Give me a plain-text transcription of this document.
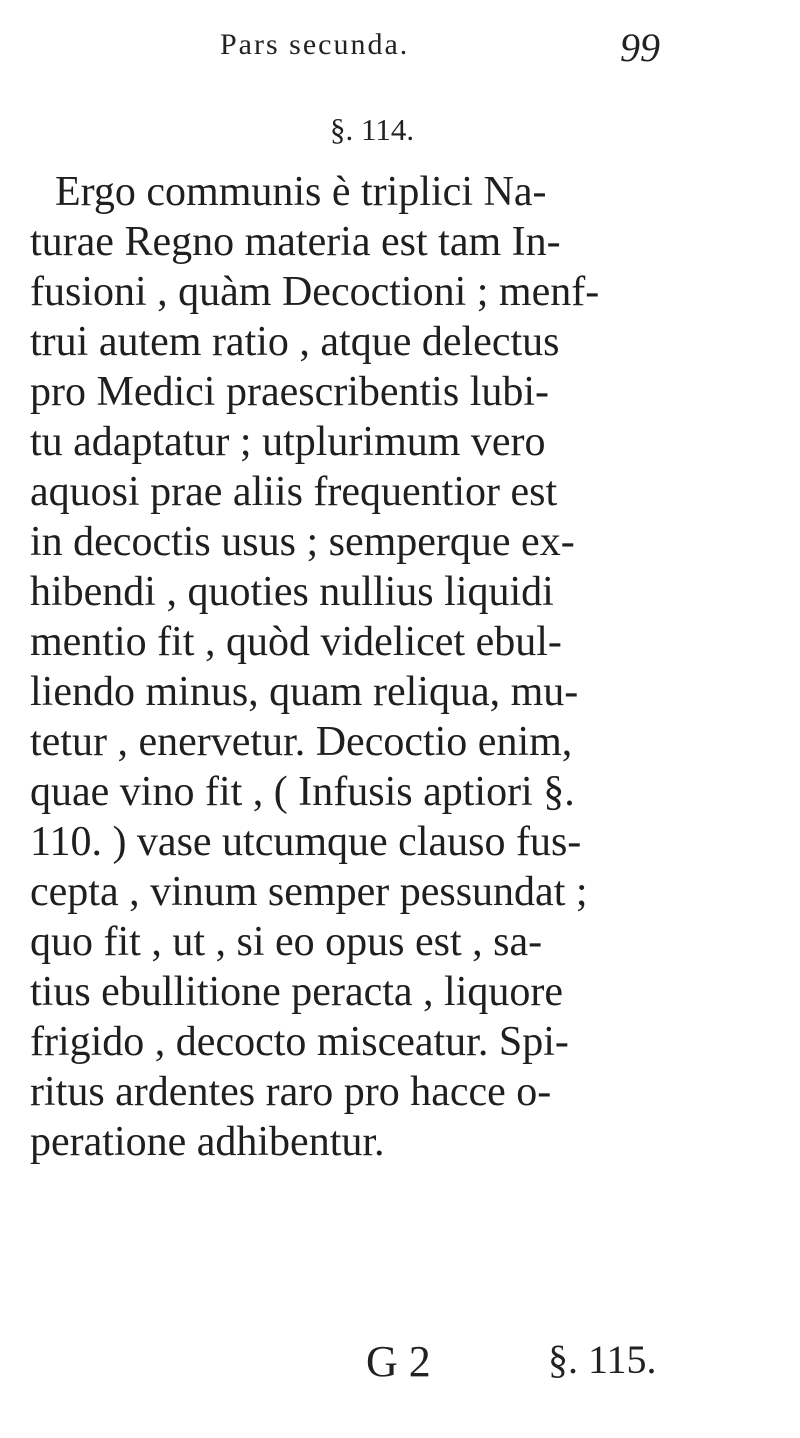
Pars secunda.	99
§. 114.
Ergo communis è triplici Na-
turae Regno materia est tam In-
fusioni , quàm Decoctioni ; menf-
trui autem ratio , atque delectus
pro Medici praescribentis lubi-
tu adaptatur ; utplurimum vero
aquosi prae aliis frequentior est
in decoctis usus ; semperque ex-
hibendi , quoties nullius liquidi
mentio fit , quòd videlicet ebul-
liendo minus, quam reliqua, mu-
tetur , enervetur. Decoctio enim,
quae vino fit , ( Infusis aptiori §.
110. ) vase utcumque clauso fus-
cepta , vinum semper pessundat ;
quo fit , ut , si eo opus est , sa-
tius ebullitione peracta , liquore
frigido , decocto misceatur. Spi-
ritus ardentes raro pro hacce o-
peratione adhibentur.
G 2	§. 115.
